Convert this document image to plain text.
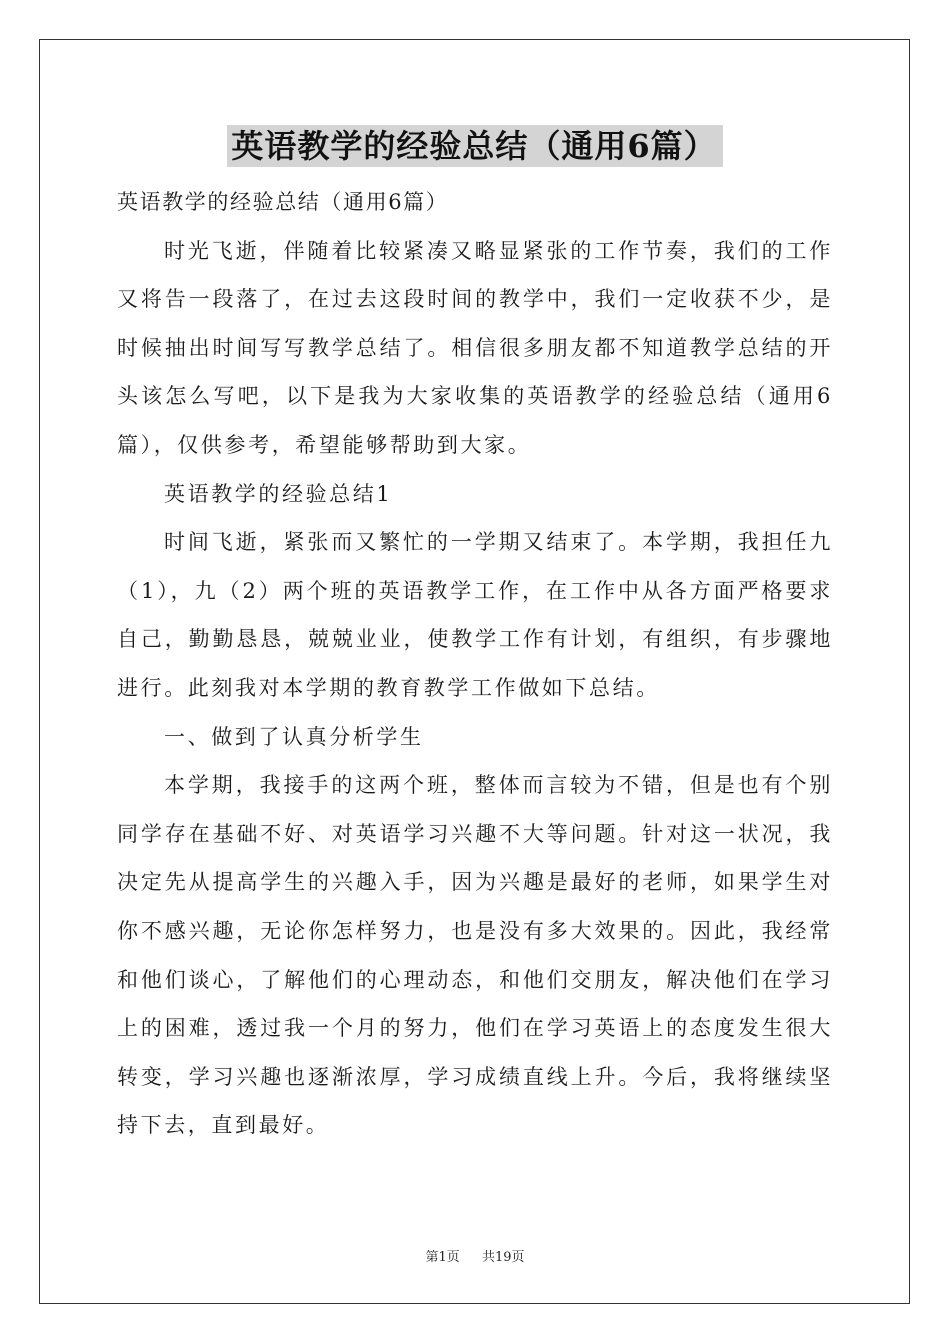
英语教学的经验总结（通用6篇）

英语教学的经验总结（通用6篇）

时光飞逝，伴随着比较紧凑又略显紧张的工作节奏，我们的工作又将告一段落了，在过去这段时间的教学中，我们一定收获不少，是时候抽出时间写写教学总结了。相信很多朋友都不知道教学总结的开头该怎么写吧，以下是我为大家收集的英语教学的经验总结（通用6篇），仅供参考，希望能够帮助到大家。

英语教学的经验总结1

时间飞逝，紧张而又繁忙的一学期又结束了。本学期，我担任九（1），九（2）两个班的英语教学工作，在工作中从各方面严格要求自己，勤勤恳恳，兢兢业业，使教学工作有计划，有组织，有步骤地进行。此刻我对本学期的教育教学工作做如下总结。

一、做到了认真分析学生

本学期，我接手的这两个班，整体而言较为不错，但是也有个别同学存在基础不好、对英语学习兴趣不大等问题。针对这一状况，我决定先从提高学生的兴趣入手，因为兴趣是最好的老师，如果学生对你不感兴趣，无论你怎样努力，也是没有多大效果的。因此，我经常和他们谈心，了解他们的心理动态，和他们交朋友，解决他们在学习上的困难，透过我一个月的努力，他们在学习英语上的态度发生很大转变，学习兴趣也逐渐浓厚，学习成绩直线上升。今后，我将继续坚持下去，直到最好。

第1页 共19页
